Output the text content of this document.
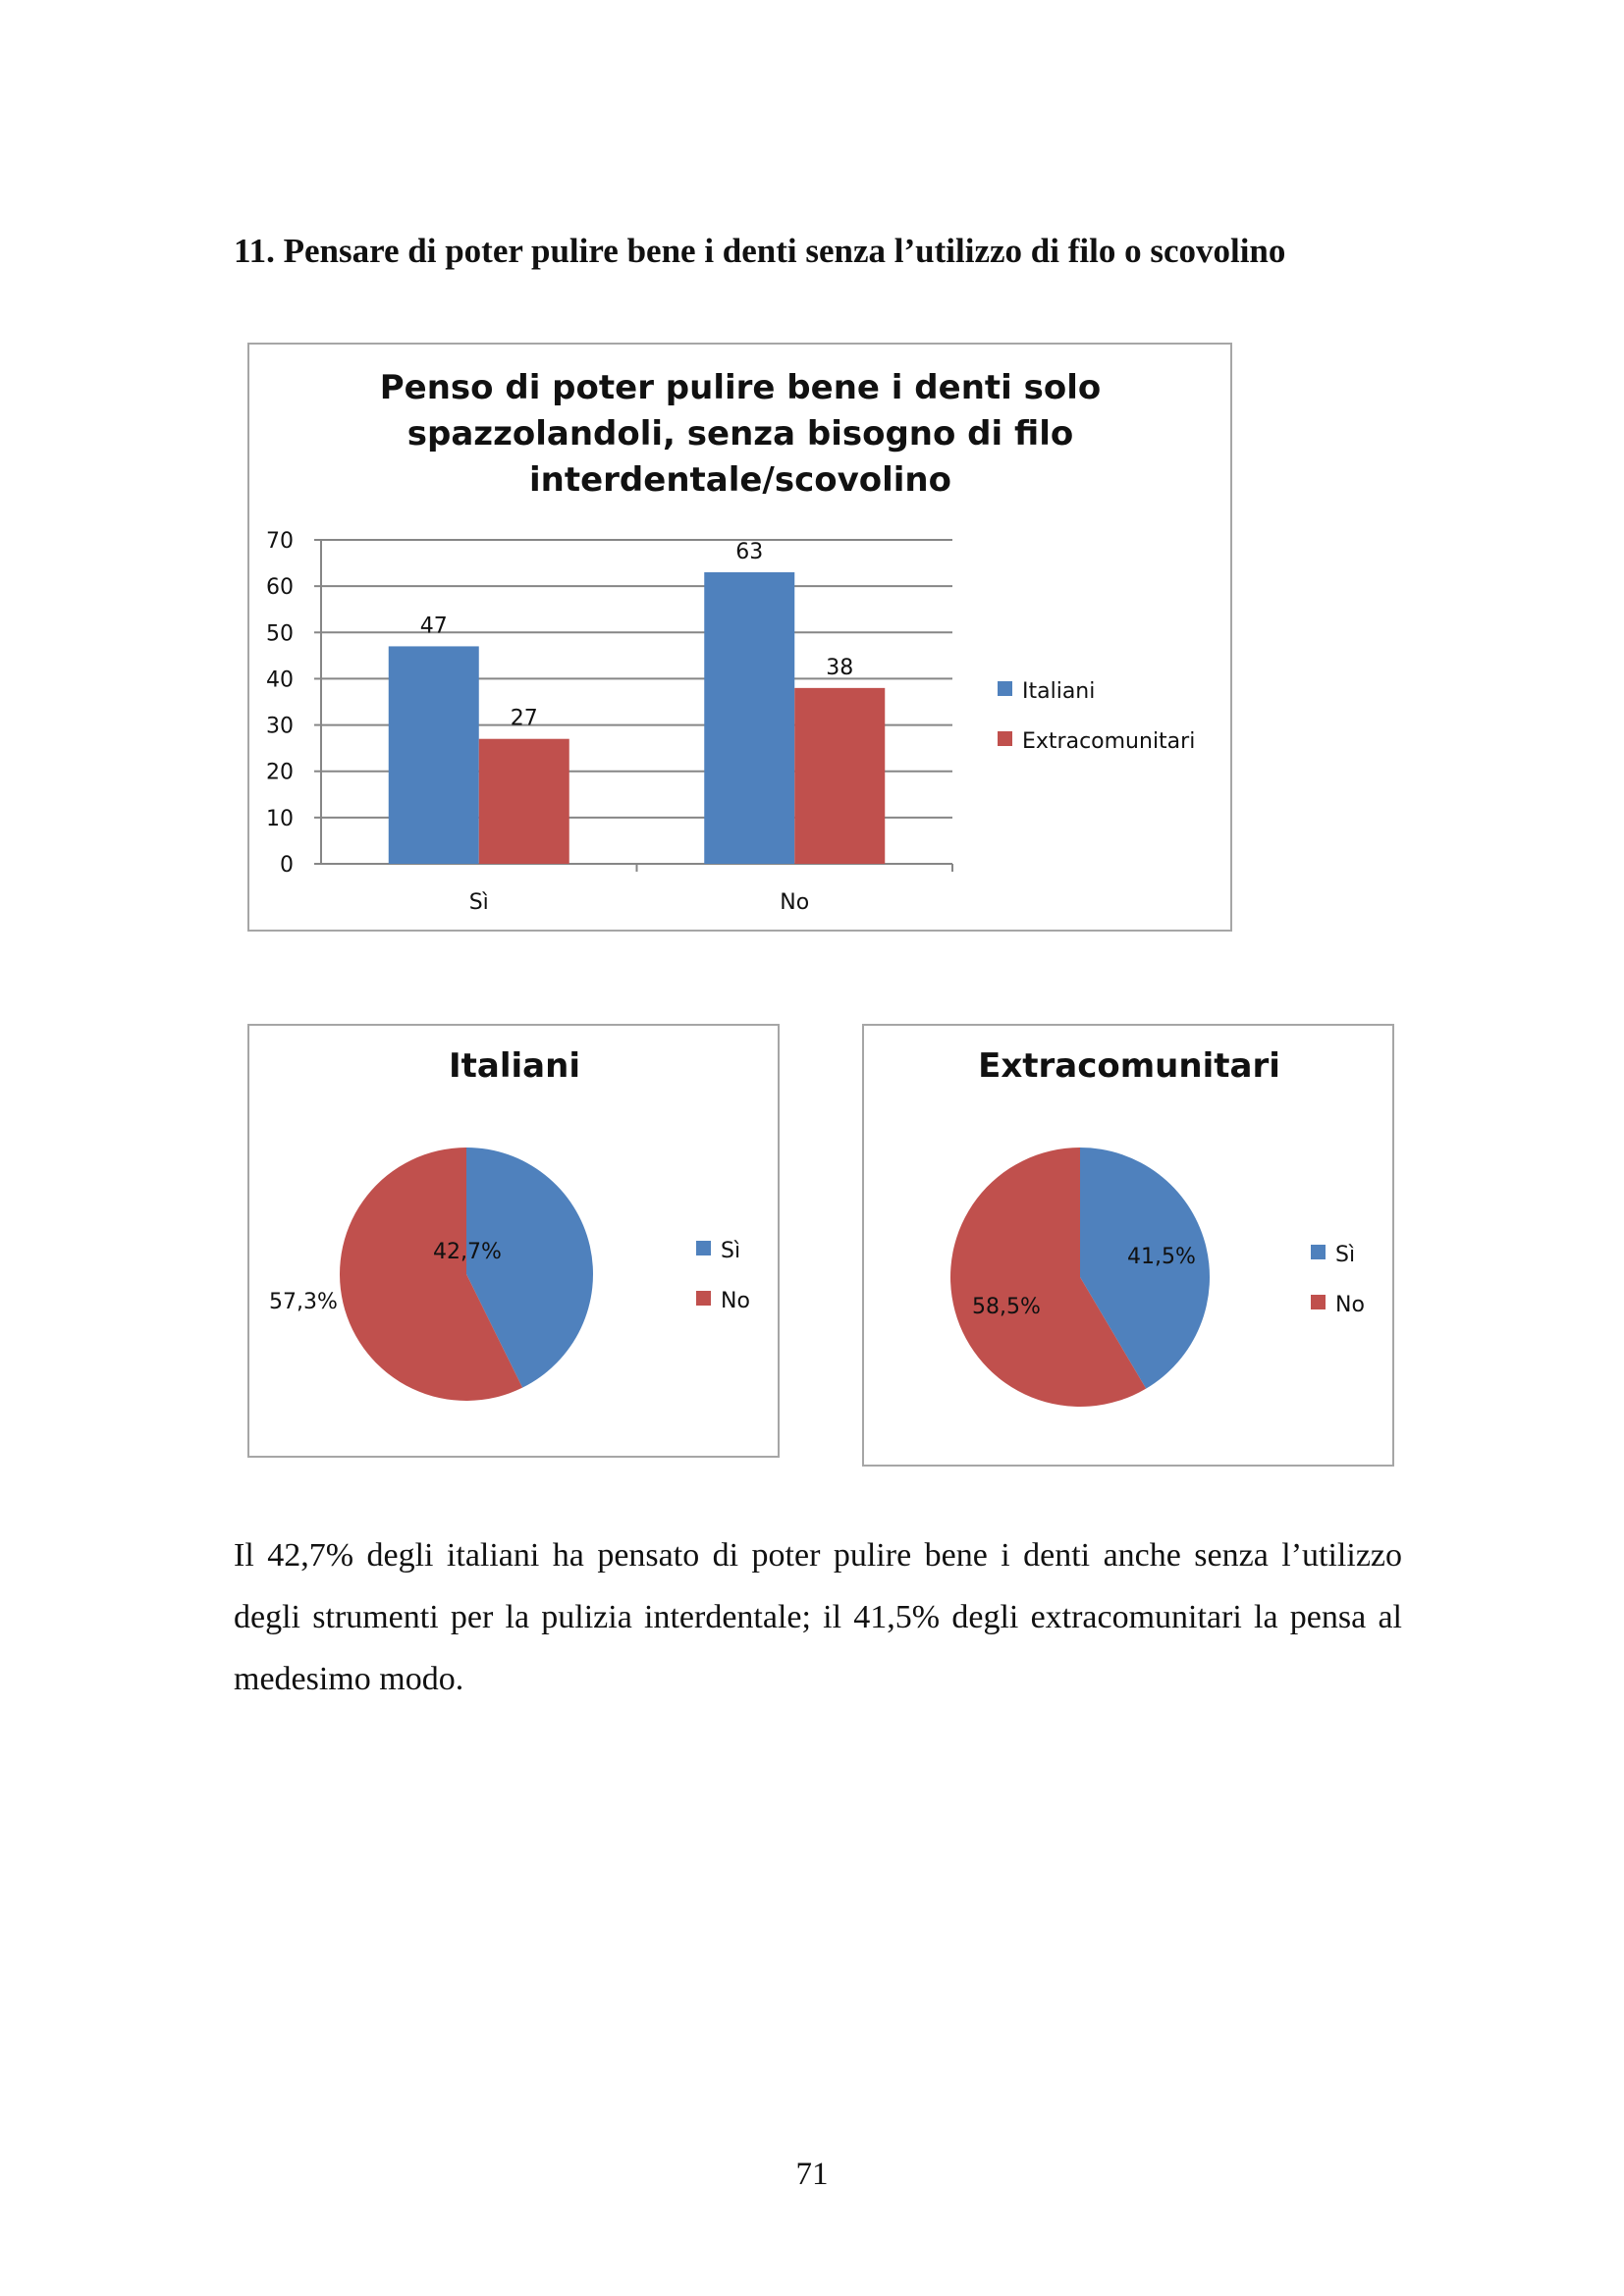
11. Pensare di poter pulire bene i denti senza l’utilizzo di filo o scovolino
Penso di poter pulire bene i denti solo
spazzolandoli, senza bisogno di filo
interdentale/scovolino
0
10
20
30
40
50
60
70
47
27
Sì
63
38
No
Italiani
Extracomunitari
Italiani
42,7%
57,3%
Sì
No
Extracomunitari
41,5%
58,5%
Sì
No
Il 42,7% degli italiani ha pensato di poter pulire bene i denti anche senza l’utilizzo degli strumenti per la pulizia interdentale; il 41,5% degli extracomunitari la pensa al medesimo modo.
71
